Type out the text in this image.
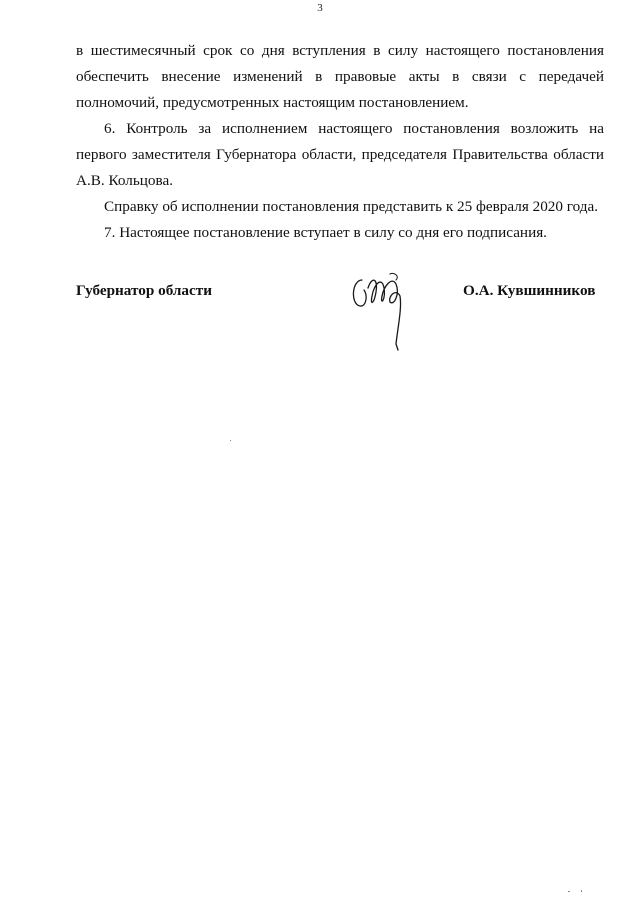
3

в шестимесячный срок со дня вступления в силу настоящего постановления обеспечить внесение изменений в правовые акты в связи с передачей полномочий, предусмотренных настоящим постановлением.

6. Контроль за исполнением настоящего постановления возложить на первого заместителя Губернатора области, председателя Правительства области А.В. Кольцова.

Справку об исполнении постановления представить к 25 февраля 2020 года.

7. Настоящее постановление вступает в силу со дня его подписания.

Губернатор области	О.А. Кувшинников
